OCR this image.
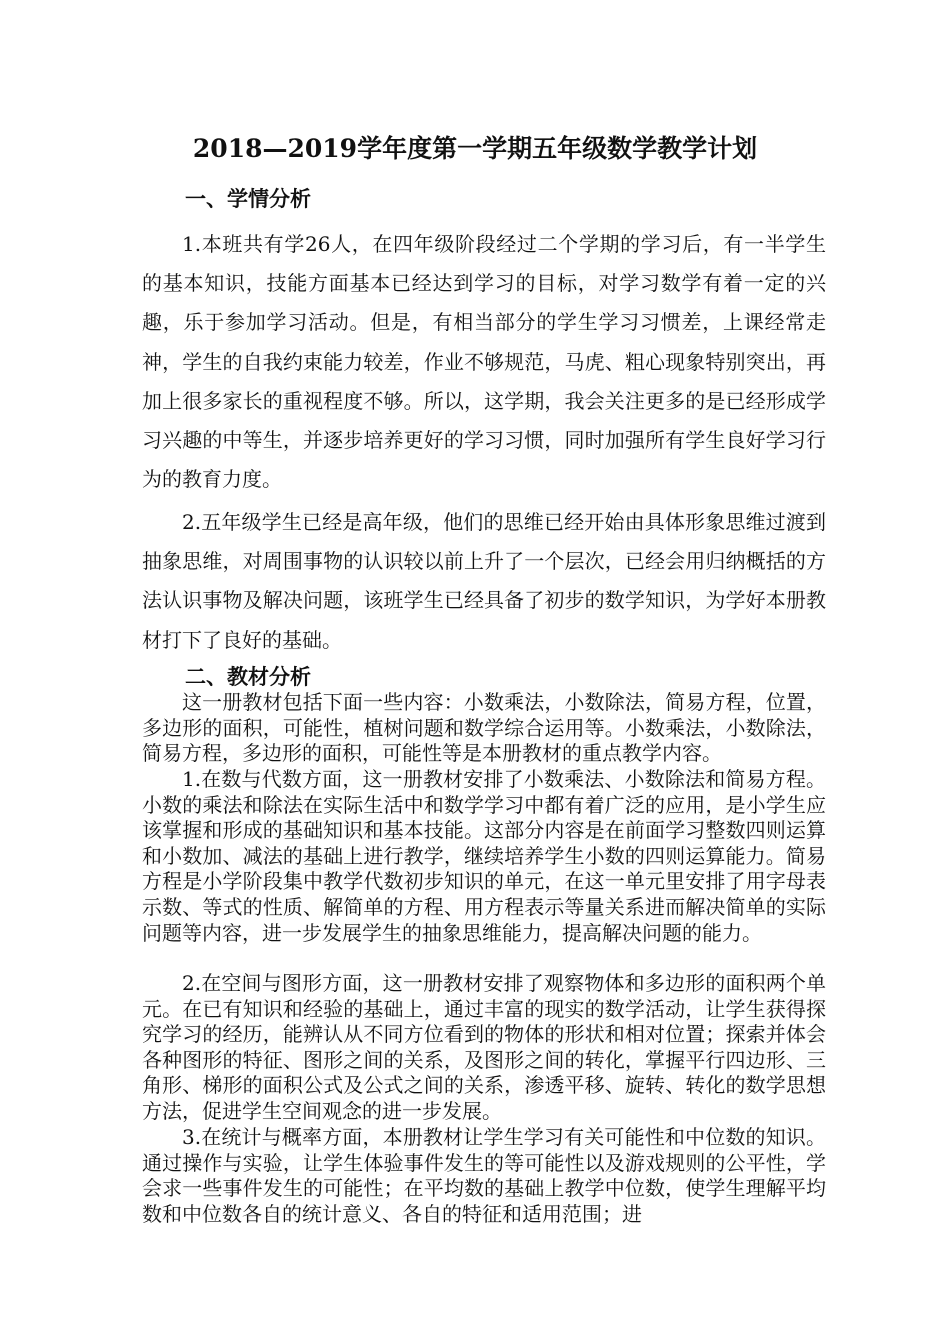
2018—2019学年度第一学期五年级数学教学计划
一、学情分析
1.本班共有学26人，在四年级阶段经过二个学期的学习后，有一半学生的基本知识，技能方面基本已经达到学习的目标，对学习数学有着一定的兴趣，乐于参加学习活动。但是，有相当部分的学生学习习惯差，上课经常走神，学生的自我约束能力较差，作业不够规范，马虎、粗心现象特别突出，再加上很多家长的重视程度不够。所以，这学期，我会关注更多的是已经形成学习兴趣的中等生，并逐步培养更好的学习习惯，同时加强所有学生良好学习行为的教育力度。
2.五年级学生已经是高年级，他们的思维已经开始由具体形象思维过渡到抽象思维，对周围事物的认识较以前上升了一个层次，已经会用归纳概括的方法认识事物及解决问题，该班学生已经具备了初步的数学知识，为学好本册教材打下了良好的基础。
二、教材分析
这一册教材包括下面一些内容：小数乘法，小数除法，简易方程，位置，多边形的面积，可能性，植树问题和数学综合运用等。小数乘法，小数除法，简易方程，多边形的面积，可能性等是本册教材的重点教学内容。
1.在数与代数方面，这一册教材安排了小数乘法、小数除法和简易方程。小数的乘法和除法在实际生活中和数学学习中都有着广泛的应用，是小学生应该掌握和形成的基础知识和基本技能。这部分内容是在前面学习整数四则运算和小数加、减法的基础上进行教学，继续培养学生小数的四则运算能力。简易方程是小学阶段集中教学代数初步知识的单元，在这一单元里安排了用字母表示数、等式的性质、解简单的方程、用方程表示等量关系进而解决简单的实际问题等内容，进一步发展学生的抽象思维能力，提高解决问题的能力。
2.在空间与图形方面，这一册教材安排了观察物体和多边形的面积两个单元。在已有知识和经验的基础上，通过丰富的现实的数学活动，让学生获得探究学习的经历，能辨认从不同方位看到的物体的形状和相对位置；探索并体会各种图形的特征、图形之间的关系，及图形之间的转化，掌握平行四边形、三角形、梯形的面积公式及公式之间的关系，渗透平移、旋转、转化的数学思想方法，促进学生空间观念的进一步发展。
3.在统计与概率方面，本册教材让学生学习有关可能性和中位数的知识。通过操作与实验，让学生体验事件发生的等可能性以及游戏规则的公平性，学会求一些事件发生的可能性；在平均数的基础上教学中位数，使学生理解平均数和中位数各自的统计意义、各自的特征和适用范围；进
